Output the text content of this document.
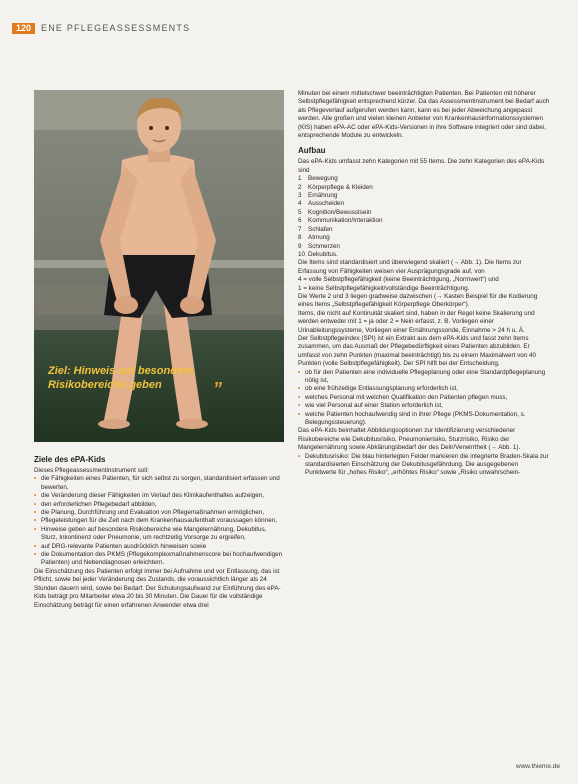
120	ENE PFLEGEASSESSMENTS
Ziel: Hinweis auf besondere Risikobereiche geben	”
Ziele des ePA-Kids

Dieses Pflegeassessmentinstrument soll:

• die Fähigkeiten eines Patienten, für sich selbst zu sorgen, standardisiert erfassen und bewerten,
• die Veränderung dieser Fähigkeiten im Verlauf des Klinikaufenthaltes aufzeigen,
• den erforderlichen Pflegebedarf abbilden,
• die Planung, Durchführung und Evaluation von Pflegemaßnahmen ermöglichen,
• Pflegeleistungen für die Zeit nach dem Krankenhausaufenthalt voraussagen können,
• Hinweise geben auf besondere Risikobereiche wie Mangelernährung, Dekubitus, Sturz, Inkontinenz oder Pneumonie, um rechtzeitig Vorsorge zu ergreifen,
• auf DRG-relevante Patienten ausdrücklich hinweisen sowie
• die Dokumentation des PKMS (Pflegekomplexmaßnahmenscore bei hochaufwendigen Patienten) und Nebendiagnosen erleichtern.

Die Einschätzung des Patienten erfolgt immer bei Aufnahme und vor Entlassung, das ist Pflicht, sowie bei jeder Veränderung des Zustands, die voraussichtlich länger als 24 Stunden dauern wird, sowie bei Bedarf. Der Schulungsaufwand zur Einführung des ePA-Kids beträgt pro Mitarbeiter etwa 20 bis 30 Minuten. Die Dauer für die vollständige Einschätzung beträgt für einen erfahrenen Anwender etwa drei

Minuten bei einem mittelschwer beeinträchtigten Patienten. Bei Patienten mit höherer Selbstpflegefähigkeit entsprechend kürzer. Da das Assessmentinstrument bei Bedarf auch als Pflegeverlauf aufgerufen werden kann, kann es bei jeder Abweichung angepasst werden. Alle großen und vielen kleinen Anbieter von Krankenhausinformationssystemen (KIS) haben ePA-AC oder ePA-Kids-Versionen in ihre Software integriert oder sind dabei, entsprechende Module zu entwickeln.

Aufbau

Das ePA-Kids umfasst zehn Kategorien mit 55 Items. Die zehn Kategorien des ePA-Kids sind

1 Bewegung
2 Körperpflege & Kleiden
3 Ernährung
4 Ausscheiden
5 Kognition/Bewusstsein
6 Kommunikation/Interaktion
7 Schlafen
8 Atmung
9 Schmerzen
10 Dekubitus.

Die Items sind standardisiert und überwiegend skaliert (→ Abb. 1). Die Items zur Erfassung von Fähigkeiten weisen vier Ausprägungsgrade auf, von

4 = volle Selbstpflegefähigkeit (keine Beeinträchtigung, „Normwert“) und

1 = keine Selbstpflegefähigkeit/vollständige Beeinträchtigung.

Die Werte 2 und 3 liegen gradweise dazwischen (→ Kasten Beispiel für die Kodierung eines Items „Selbstpflegefähigkeit Körperpflege Oberkörper“).

Items, die nicht auf Kontinuität skaliert sind, haben in der Regel keine Skalierung und werden entweder mit 1 = ja oder 2 = Nein erfasst, z. B. Vorliegen einer Urinableitungssysteme, Vorliegen einer Ernährungssonde, Einnahme > 24 h u. Ä.

Der Selbstpflegeindex (SPI) ist ein Extrakt aus dem ePA-Kids und fasst zehn Items zusammen, um das Ausmaß der Pflegebedürftigkeit eines Patienten abzubilden. Er umfasst von zehn Punkten (maximal beeinträchtigt) bis zu einem Maximalwert von 40 Punkten (volle Selbstpflegefähigkeit). Der SPI hilft bei der Entscheidung,

• ob für den Patienten eine individuelle Pflegeplanung oder eine Standardpflegeplanung nötig ist,
• ob eine frühzeitige Entlassungsplanung erforderlich ist,
• welches Personal mit welchen Qualifikation den Patienten pflegen muss,
• wie viel Personal auf einer Station erforderlich ist,
• welche Patienten hochaufwendig sind in ihrer Pflege (PKMS-Dokumentation, s. Belegungssteuerung).

Das ePA-Kids beinhaltet Abbildungsoptionen zur Identifizierung verschiedener Risikobereiche wie Dekubitusrisiko, Pneumonierisiko, Sturzrisiko, Risiko der Mangelernährung sowie Abklärungsbedarf der des Delir/Verwirrtheit (→ Abb. 1).

• Dekubitusrisiko: Die blau hinterlegten Felder markieren die integrierte Braden-Skala zur standardisierten Einschätzung der Dekubitusgefährdung. Die ausgegebenen Punktwerte für „hohes Risiko“, „erhöhtes Risiko“ sowie „Risiko unwahrschein-
www.thieme.de
